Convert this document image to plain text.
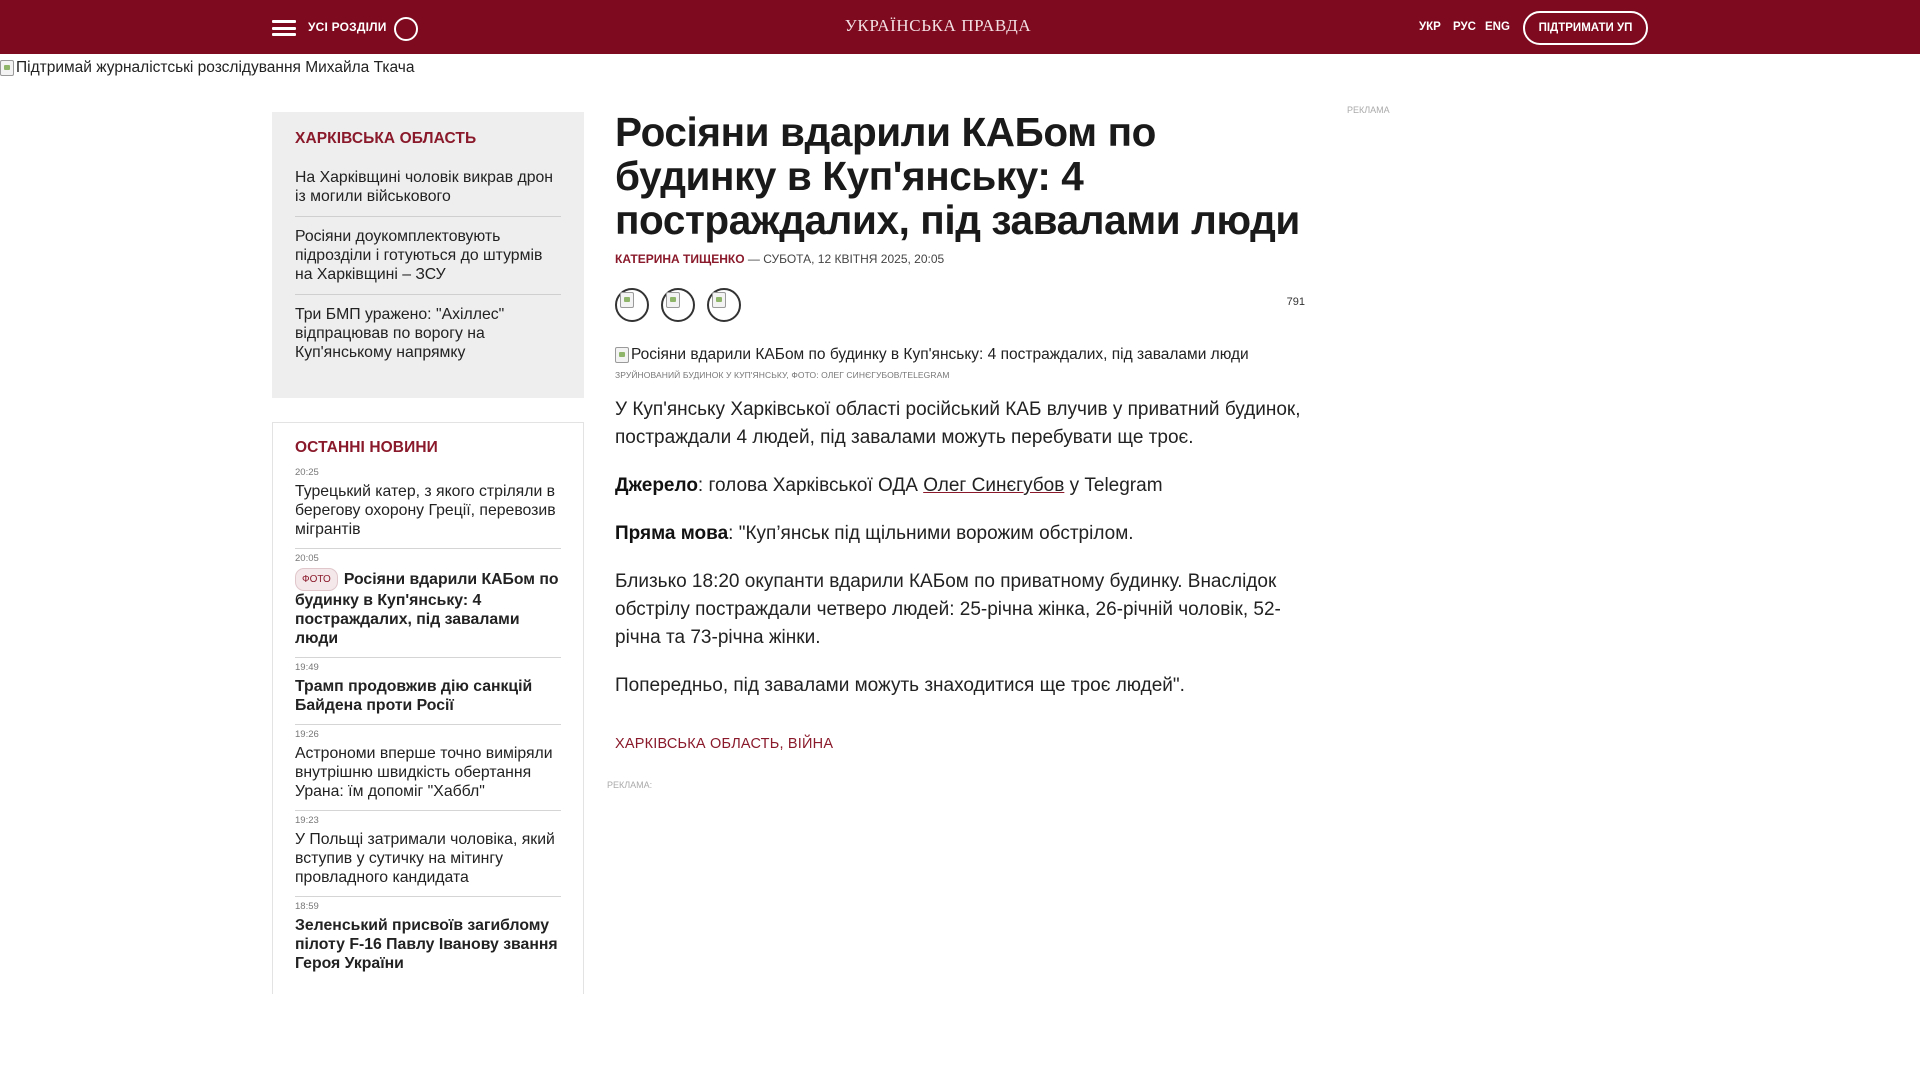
УСІ РОЗДІЛИ	УКРАЇНСЬКА ПРАВДА	УКР РУС ENG	ПІДТРИМАТИ УП
Підтримай журналістські розслідування Михайла Ткача
ХАРКІВСЬКА ОБЛАСТЬ
На Харківщині чоловік викрав дрон із могили військового
Росіяни доукомплектовують підрозділи і готуються до штурмів на Харківщині – ЗСУ
Три БМП уражено: "Ахіллес" відпрацював по ворогу на Куп'янському напрямку
ОСТАННІ НОВИНИ
20:25
Турецький катер, з якого стріляли в берегову охорону Греції, перевозив мігрантів
20:05
ФОТО Росіяни вдарили КАБом по будинку в Куп'янську: 4 постраждалих, під завалами люди
19:49
Трамп продовжив дію санкцій Байдена проти Росії
19:26
Астрономи вперше точно виміряли внутрішню швидкість обертання Урана: їм допоміг "Хаббл"
19:23
У Польщі затримали чоловіка, який вступив у сутичку на мітингу провладного кандидата
18:59
Зеленський присвоїв загиблому пілоту F-16 Павлу Іванову звання Героя України
Росіяни вдарили КАБом по будинку в Куп'янську: 4 постраждалих, під завалами люди
КАТЕРИНА ТИЩЕНКО — СУБОТА, 12 КВІТНЯ 2025, 20:05
791
Росіяни вдарили КАБом по будинку в Куп'янську: 4 постраждалих, під завалами люди
ЗРУЙНОВАНИЙ БУДИНОК У КУП'ЯНСЬКУ, ФОТО: ОЛЕГ СИНЄГУБОВ/TELEGRAM

У Куп'янську Харківської області російський КАБ влучив у приватний будинок, постраждали 4 людей, під завалами можуть перебувати ще троє.

Джерело: голова Харківської ОДА Олег Синєгубов у Telegram

Пряма мова: "Куп’янськ під щільними ворожим обстрілом.

Близько 18:20 окупанти вдарили КАБом по приватному будинку. Внаслідок обстрілу постраждали четверо людей: 25-річна жінка, 26-річній чоловік, 52-річна та 73-річна жінки.

Попередньо, під завалами можуть знаходитися ще троє людей".

ХАРКІВСЬКА ОБЛАСТЬ, ВІЙНА
РЕКЛАМА
РЕКЛАМА:
